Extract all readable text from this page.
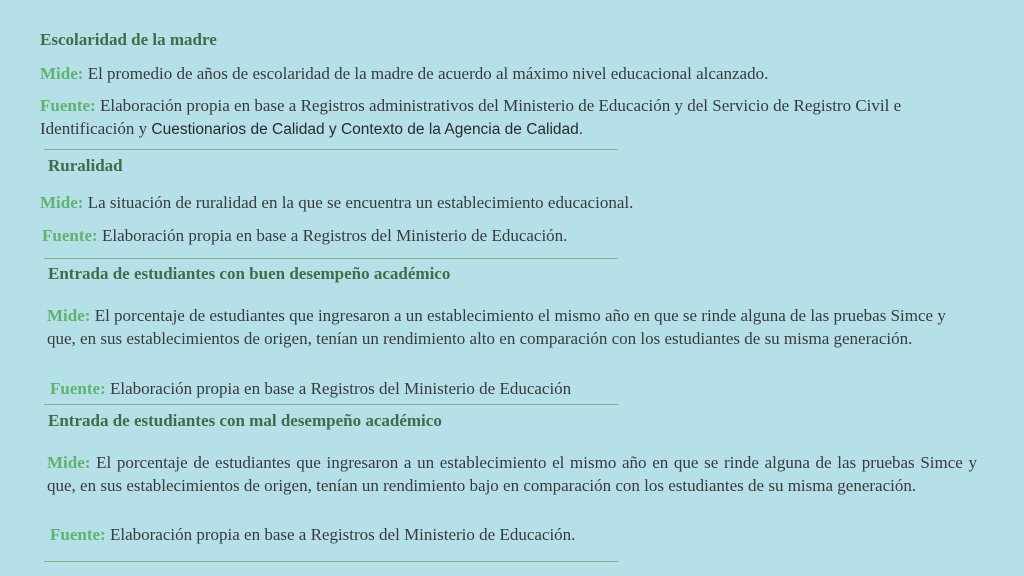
Escolaridad de la madre
Mide: El promedio de años de escolaridad de la madre de acuerdo al máximo nivel educacional alcanzado.
Fuente: Elaboración propia en base a Registros administrativos del Ministerio de Educación y del Servicio de Registro Civil e Identificación y Cuestionarios de Calidad y Contexto de la Agencia de Calidad.
Ruralidad
Mide: La situación de ruralidad en la que se encuentra un establecimiento educacional.
Fuente: Elaboración propia en base a Registros del Ministerio de Educación.
Entrada de estudiantes con buen desempeño académico
Mide: El porcentaje de estudiantes que ingresaron a un establecimiento el mismo año en que se rinde alguna de las pruebas Simce y que, en sus establecimientos de origen, tenían un rendimiento alto en comparación con los estudiantes de su misma generación.
Fuente: Elaboración propia en base a Registros del Ministerio de Educación
Entrada de estudiantes con mal desempeño académico
Mide: El porcentaje de estudiantes que ingresaron a un establecimiento el mismo año en que se rinde alguna de las pruebas Simce y que, en sus establecimientos de origen, tenían un rendimiento bajo en comparación con los estudiantes de su misma generación.
Fuente: Elaboración propia en base a Registros del Ministerio de Educación.
